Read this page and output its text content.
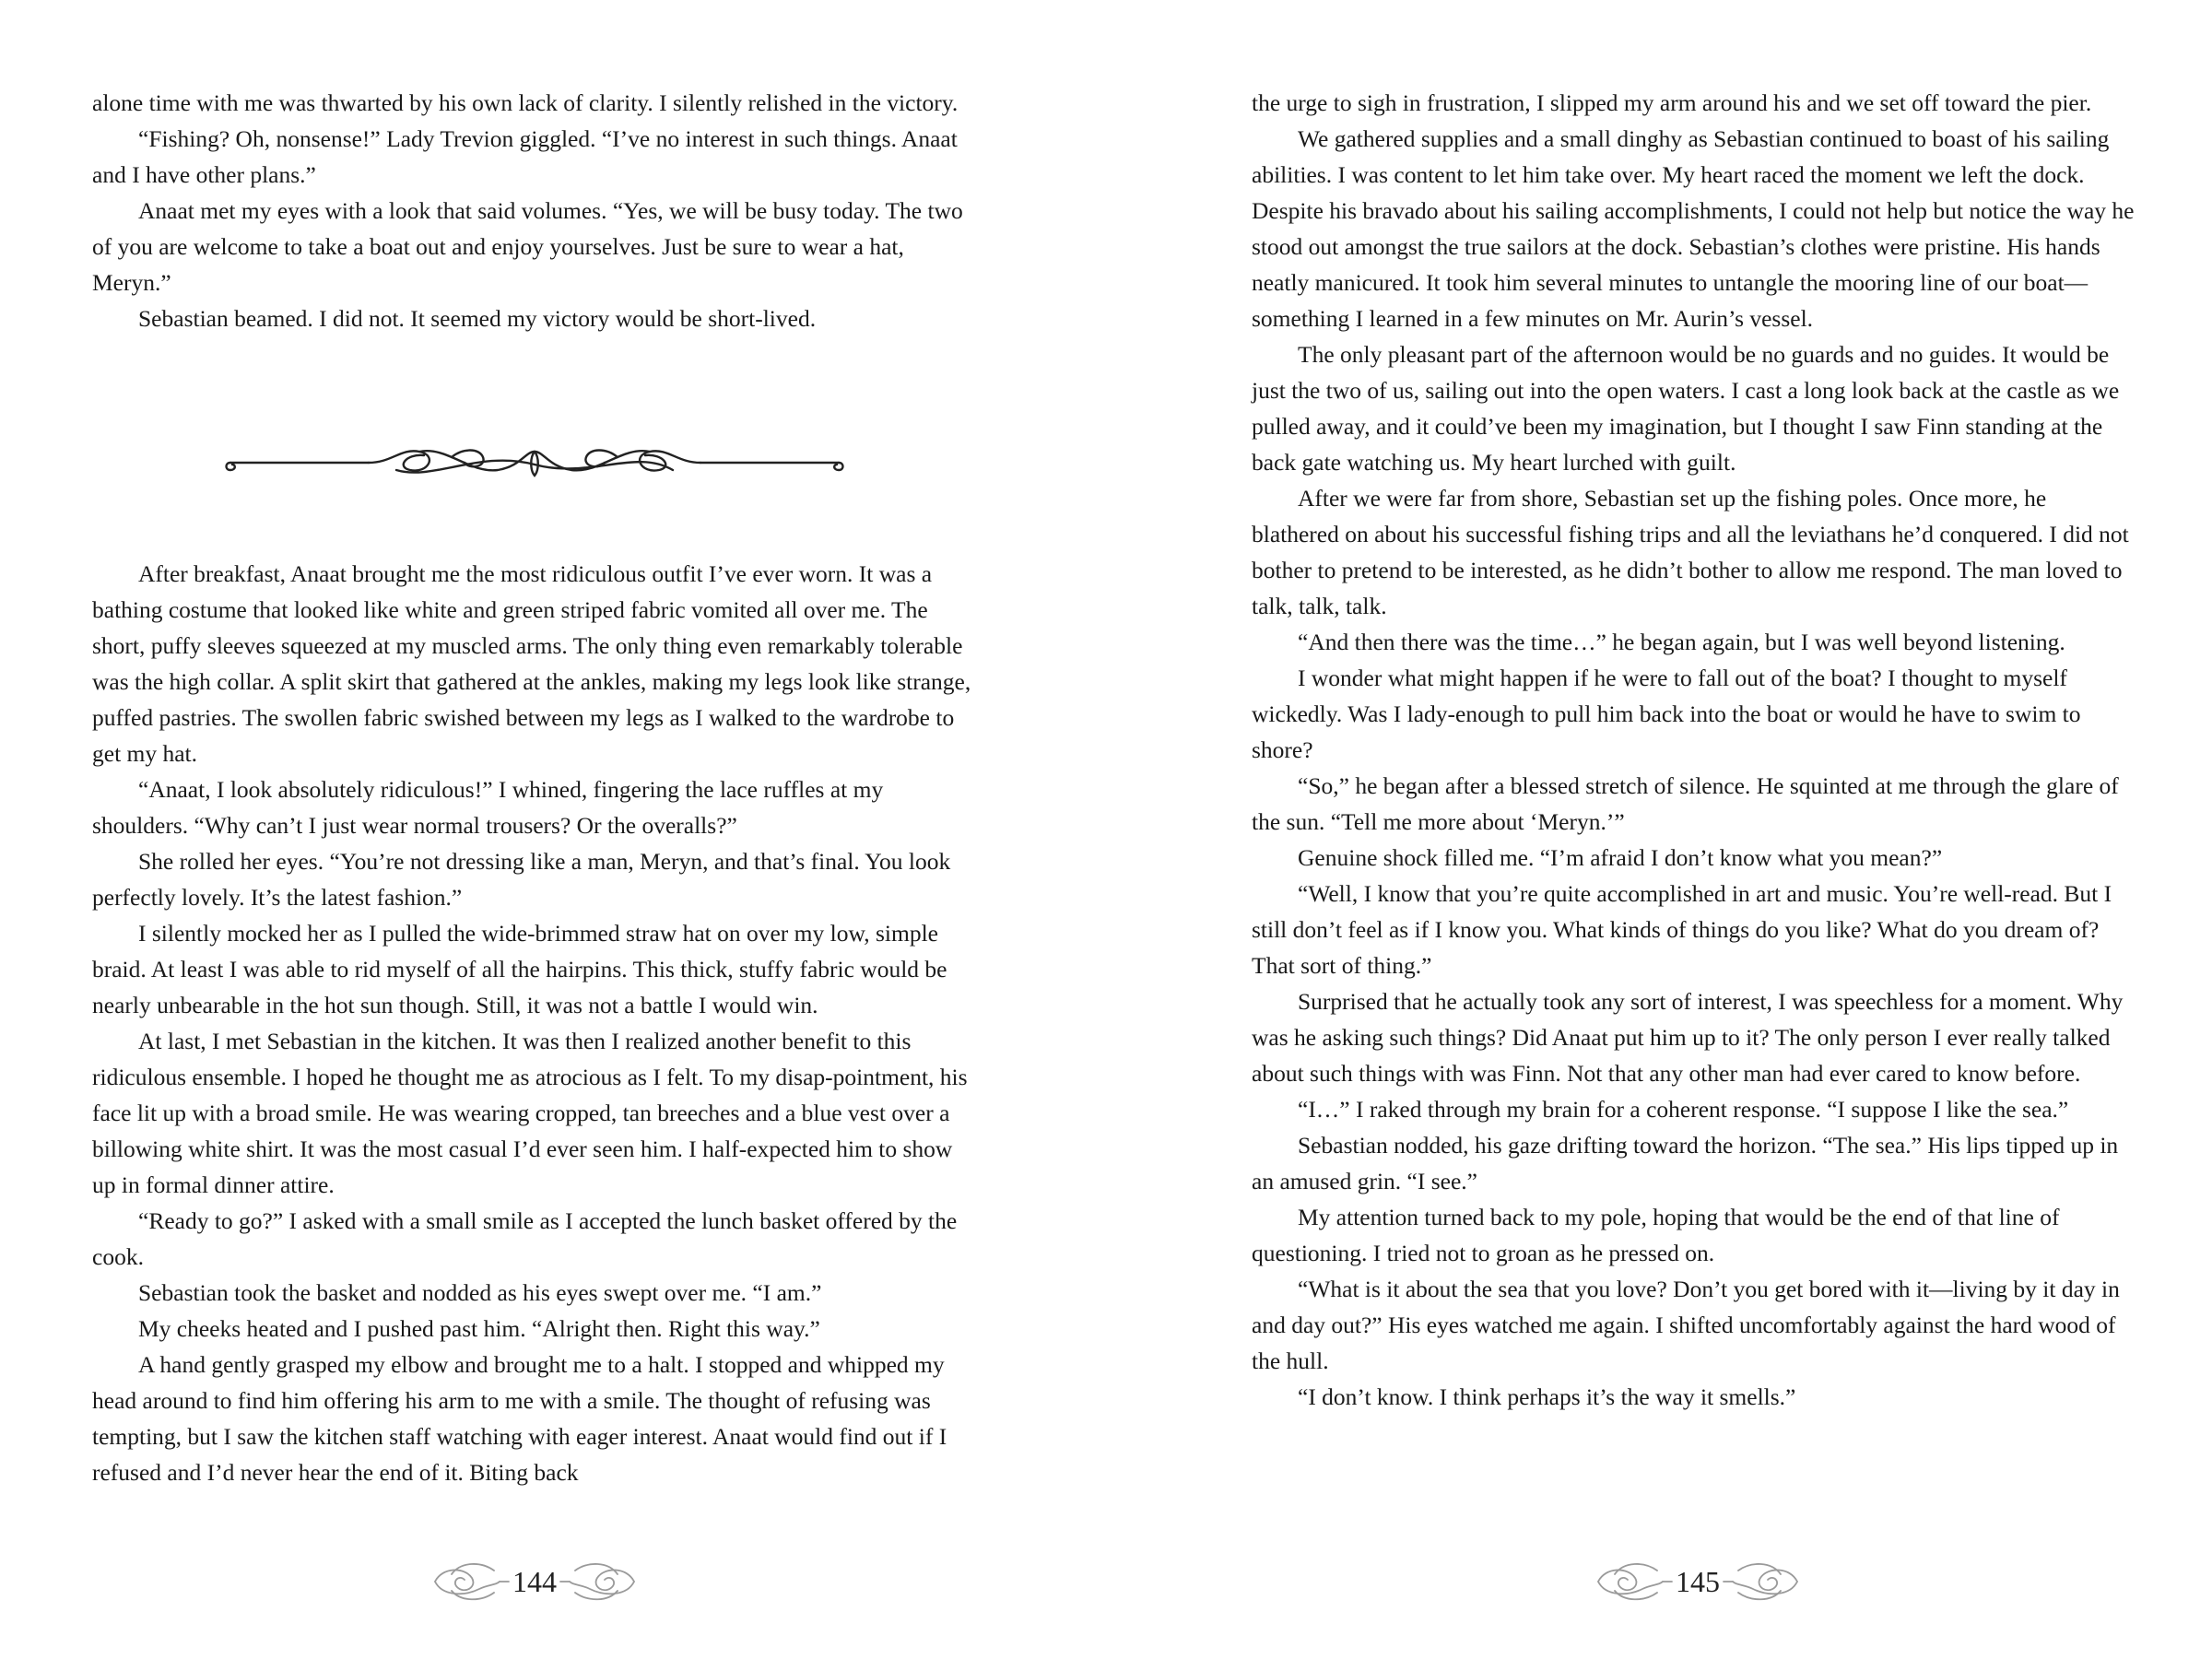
alone time with me was thwarted by his own lack of clarity. I silently relished in the victory.

“Fishing? Oh, nonsense!” Lady Trevion giggled. “I’ve no interest in such things. Anaat and I have other plans.”

Anaat met my eyes with a look that said volumes. “Yes, we will be busy today. The two of you are welcome to take a boat out and enjoy yourselves. Just be sure to wear a hat, Meryn.”

Sebastian beamed. I did not. It seemed my victory would be short-lived.

After breakfast, Anaat brought me the most ridiculous outfit I’ve ever worn. It was a bathing costume that looked like white and green striped fabric vomited all over me. The short, puffy sleeves squeezed at my muscled arms. The only thing even remarkably tolerable was the high collar. A split skirt that gathered at the ankles, making my legs look like strange, puffed pastries. The swollen fabric swished between my legs as I walked to the wardrobe to get my hat.

“Anaat, I look absolutely ridiculous!” I whined, fingering the lace ruffles at my shoulders. “Why can’t I just wear normal trousers? Or the overalls?”

She rolled her eyes. “You’re not dressing like a man, Meryn, and that’s final. You look perfectly lovely. It’s the latest fashion.”

I silently mocked her as I pulled the wide-brimmed straw hat on over my low, simple braid. At least I was able to rid myself of all the hairpins. This thick, stuffy fabric would be nearly unbearable in the hot sun though. Still, it was not a battle I would win.

At last, I met Sebastian in the kitchen. It was then I realized another benefit to this ridiculous ensemble. I hoped he thought me as atrocious as I felt. To my disap-pointment, his face lit up with a broad smile. He was wearing cropped, tan breeches and a blue vest over a billowing white shirt. It was the most casual I’d ever seen him. I half-expected him to show up in formal dinner attire.

“Ready to go?” I asked with a small smile as I accepted the lunch basket offered by the cook.

Sebastian took the basket and nodded as his eyes swept over me. “I am.”

My cheeks heated and I pushed past him. “Alright then. Right this way.”

A hand gently grasped my elbow and brought me to a halt. I stopped and whipped my head around to find him offering his arm to me with a smile. The thought of refusing was tempting, but I saw the kitchen staff watching with eager interest. Anaat would find out if I refused and I’d never hear the end of it. Biting back

144

the urge to sigh in frustration, I slipped my arm around his and we set off toward the pier.

We gathered supplies and a small dinghy as Sebastian continued to boast of his sailing abilities. I was content to let him take over. My heart raced the moment we left the dock. Despite his bravado about his sailing accomplishments, I could not help but notice the way he stood out amongst the true sailors at the dock. Sebastian’s clothes were pristine. His hands neatly manicured. It took him several minutes to untangle the mooring line of our boat—something I learned in a few minutes on Mr. Aurin’s vessel.

The only pleasant part of the afternoon would be no guards and no guides. It would be just the two of us, sailing out into the open waters. I cast a long look back at the castle as we pulled away, and it could’ve been my imagination, but I thought I saw Finn standing at the back gate watching us. My heart lurched with guilt.

After we were far from shore, Sebastian set up the fishing poles. Once more, he blathered on about his successful fishing trips and all the leviathans he’d conquered. I did not bother to pretend to be interested, as he didn’t bother to allow me respond. The man loved to talk, talk, talk.

“And then there was the time…” he began again, but I was well beyond listening.

I wonder what might happen if he were to fall out of the boat? I thought to myself wickedly. Was I lady-enough to pull him back into the boat or would he have to swim to shore?

“So,” he began after a blessed stretch of silence. He squinted at me through the glare of the sun. “Tell me more about ‘Meryn.’”

Genuine shock filled me. “I’m afraid I don’t know what you mean?”

“Well, I know that you’re quite accomplished in art and music. You’re well-read. But I still don’t feel as if I know you. What kinds of things do you like? What do you dream of? That sort of thing.”

Surprised that he actually took any sort of interest, I was speechless for a moment. Why was he asking such things? Did Anaat put him up to it? The only person I ever really talked about such things with was Finn. Not that any other man had ever cared to know before.

“I…” I raked through my brain for a coherent response. “I suppose I like the sea.”

Sebastian nodded, his gaze drifting toward the horizon. “The sea.” His lips tipped up in an amused grin. “I see.”

My attention turned back to my pole, hoping that would be the end of that line of questioning. I tried not to groan as he pressed on.

“What is it about the sea that you love? Don’t you get bored with it—living by it day in and day out?” His eyes watched me again. I shifted uncomfortably against the hard wood of the hull.

“I don’t know. I think perhaps it’s the way it smells.”

145
